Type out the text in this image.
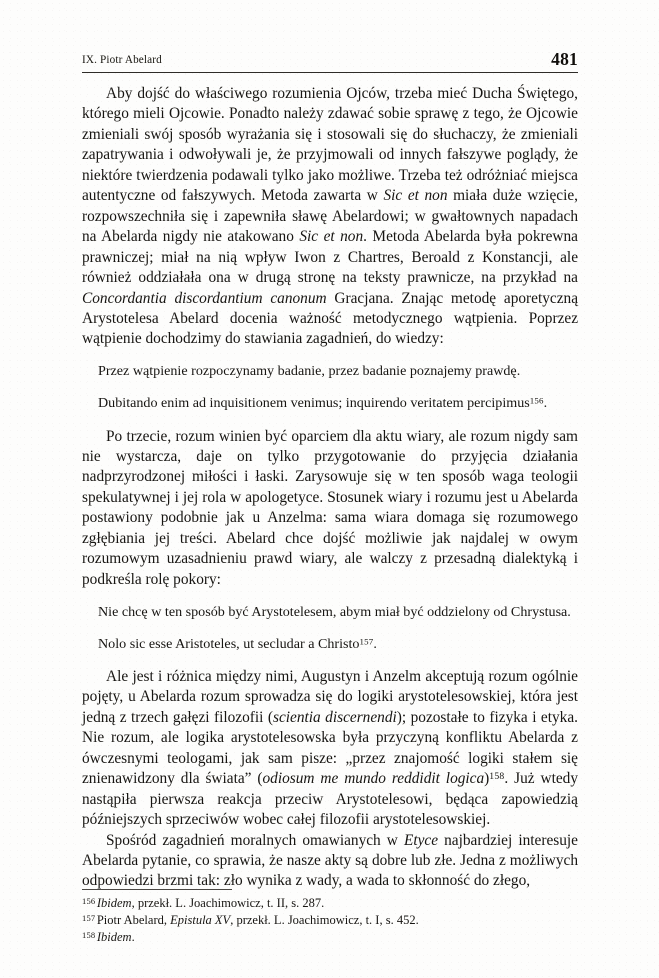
IX. Piotr Abelard	481

Aby dojść do właściwego rozumienia Ojców, trzeba mieć Ducha Świętego, którego mieli Ojcowie. Ponadto należy zdawać sobie sprawę z tego, że Ojcowie zmieniali swój sposób wyrażania się i stosowali się do słuchaczy, że zmieniali zapatrywania i odwoływali je, że przyjmowali od innych fałszywe poglądy, że niektóre twierdzenia podawali tylko jako możliwe. Trzeba też odróżniać miejsca autentyczne od fałszywych. Metoda zawarta w Sic et non miała duże wzięcie, rozpowszechniła się i zapewniła sławę Abelardowi; w gwałtownych napadach na Abelarda nigdy nie atakowano Sic et non. Metoda Abelarda była pokrewna prawniczej; miał na nią wpływ Iwon z Chartres, Beroald z Konstancji, ale również oddziałała ona w drugą stronę na teksty prawnicze, na przykład na Concordantia discordantium canonum Gracjana. Znając metodę aporetyczną Arystotelesa Abelard docenia ważność metodycznego wątpienia. Poprzez wątpienie dochodzimy do stawiania zagadnień, do wiedzy:

Przez wątpienie rozpoczynamy badanie, przez badanie poznajemy prawdę.

Dubitando enim ad inquisitionem venimus; inquirendo veritatem percipimus$^{156}$.

Po trzecie, rozum winien być oparciem dla aktu wiary, ale rozum nigdy sam nie wystarcza, daje on tylko przygotowanie do przyjęcia działania nadprzyrodzonej miłości i łaski. Zarysowuje się w ten sposób waga teologii spekulatywnej i jej rola w apologetyce. Stosunek wiary i rozumu jest u Abelarda postawiony podobnie jak u Anzelma: sama wiara domaga się rozumowego zgłębiania jej treści. Abelard chce dojść możliwie jak najdalej w owym rozumowym uzasadnieniu prawd wiary, ale walczy z przesadną dialektyką i podkreśla rolę pokory:

Nie chcę w ten sposób być Arystotelesem, abym miał być oddzielony od Chrystusa.

Nolo sic esse Aristoteles, ut secludar a Christo$^{157}$.

Ale jest i różnica między nimi, Augustyn i Anzelm akceptują rozum ogólnie pojęty, u Abelarda rozum sprowadza się do logiki arystotelesowskiej, która jest jedną z trzech gałęzi filozofii (scientia discernendi); pozostałe to fizyka i etyka. Nie rozum, ale logika arystotelesowska była przyczyną konfliktu Abelarda z ówczesnymi teologami, jak sam pisze: „przez znajomość logiki stałem się znienawidzony dla świata” (odiosum me mundo reddidit logica)$^{158}$. Już wtedy nastąpiła pierwsza reakcja przeciw Arystotelesowi, będąca zapowiedzią późniejszych sprzeciwów wobec całej filozofii arystotelesowskiej.

Spośród zagadnień moralnych omawianych w Etyce najbardziej interesuje Abelarda pytanie, co sprawia, że nasze akty są dobre lub złe. Jedna z możliwych odpowiedzi brzmi tak: zło wynika z wady, a wada to skłonność do złego,

$^{156}$ Ibidem, przekł. L. Joachimowicz, t. II, s. 287.
$^{157}$ Piotr Abelard, Epistula XV, przekł. L. Joachimowicz, t. I, s. 452.
$^{158}$ Ibidem.
